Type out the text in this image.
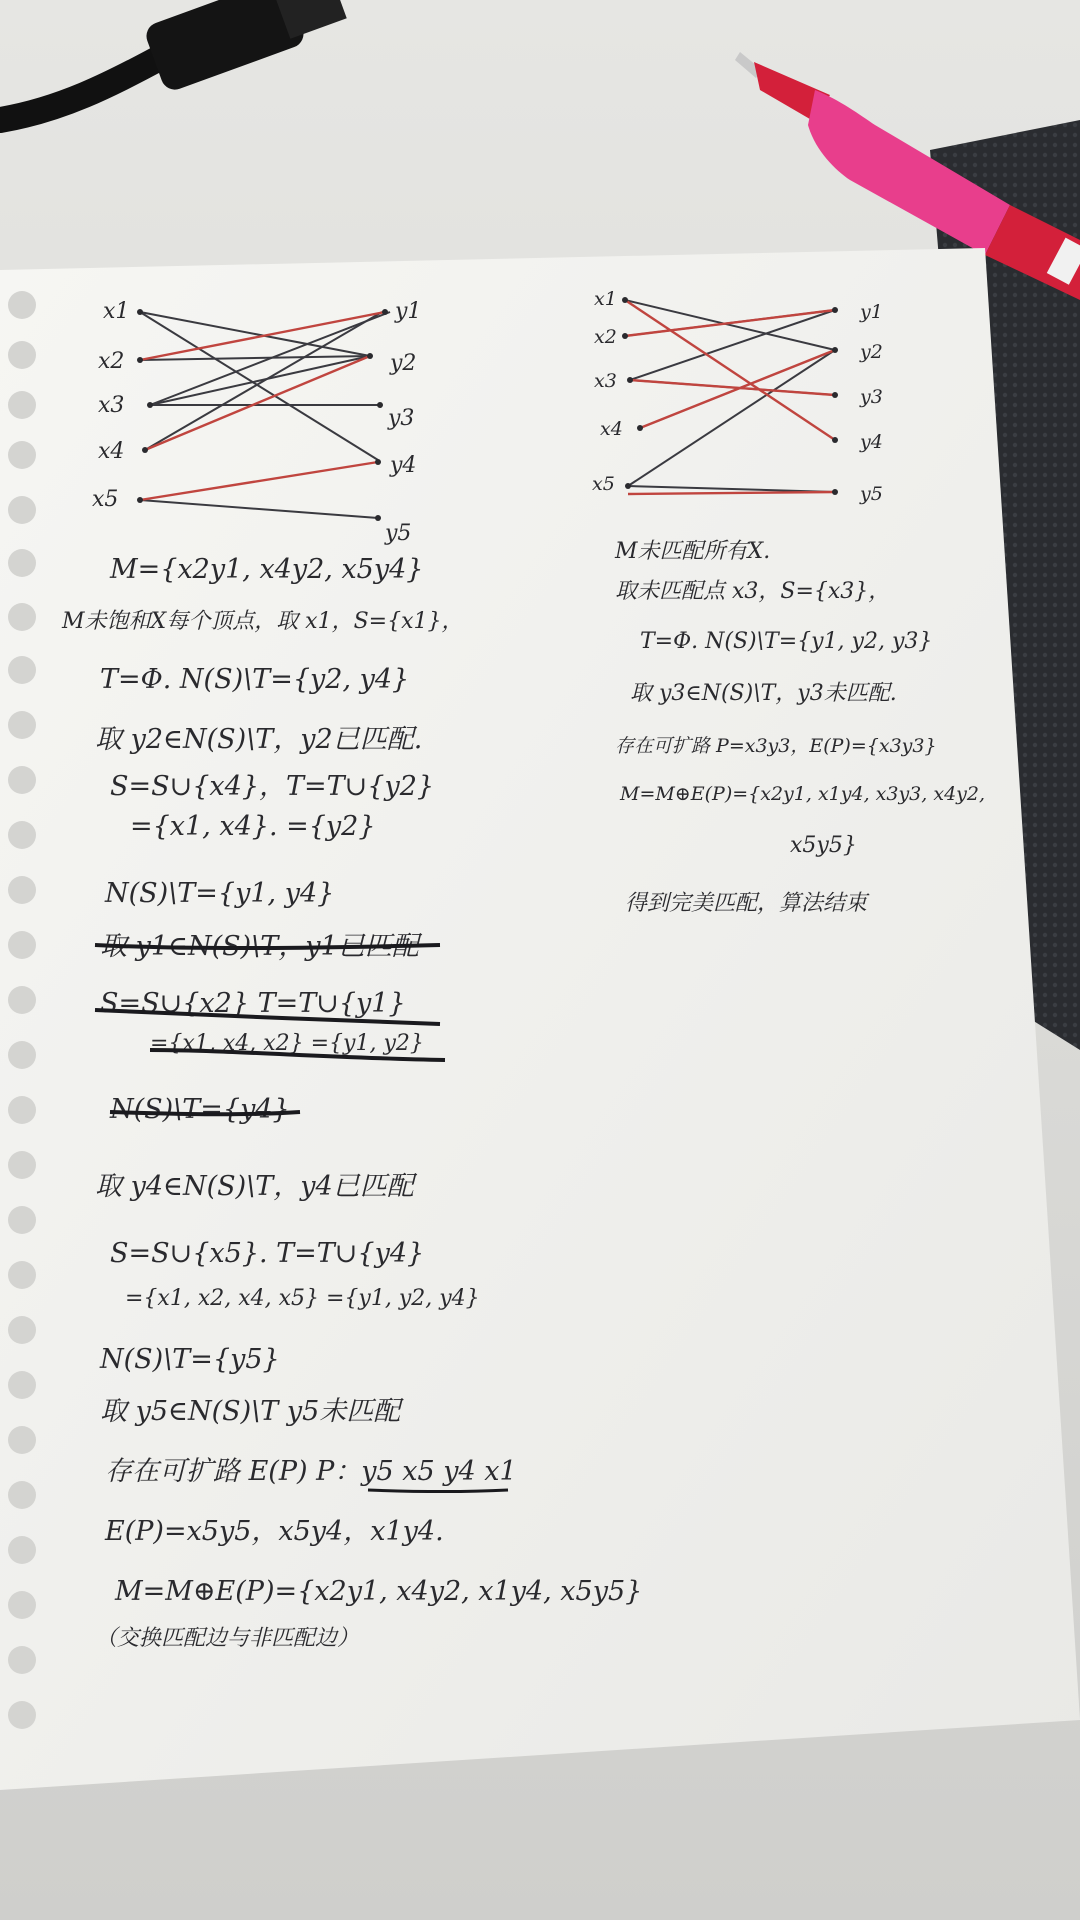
x1
x2
x3
x4
x5
y1
y2
y3
y4
y5
x1
x2
x3
x4
x5
y1
y2
y3
y4
y5
M={x2y1, x4y2, x5y4}
M未饱和X每个顶点，取 x1，S={x1}，
T=Φ. N(S)\T={y2, y4}
取 y2∈N(S)\T，y2已匹配.
S=S∪{x4}，T=T∪{y2}
={x1, x4}. ={y2}
N(S)\T={y1, y4}
取 y1∈N(S)\T，y1已匹配
S=S∪{x2} T=T∪{y1}
={x1, x4, x2} ={y1, y2}
N(S)\T={y4}
取 y4∈N(S)\T，y4已匹配
S=S∪{x5}. T=T∪{y4}
={x1, x2, x4, x5} ={y1, y2, y4}
N(S)\T={y5}
取 y5∈N(S)\T y5未匹配
存在可扩路 E(P) P：y5 x5 y4 x1
E(P)=x5y5，x5y4，x1y4.
M=M⊕E(P)={x2y1, x4y2, x1y4, x5y5}
（交换匹配边与非匹配边）
M未匹配所有X.
取未匹配点 x3，S={x3}，
T=Φ. N(S)\T={y1, y2, y3}
取 y3∈N(S)\T，y3未匹配.
存在可扩路 P=x3y3，E(P)={x3y3}
M=M⊕E(P)={x2y1, x1y4, x3y3, x4y2,
x5y5}
得到完美匹配，算法结束
